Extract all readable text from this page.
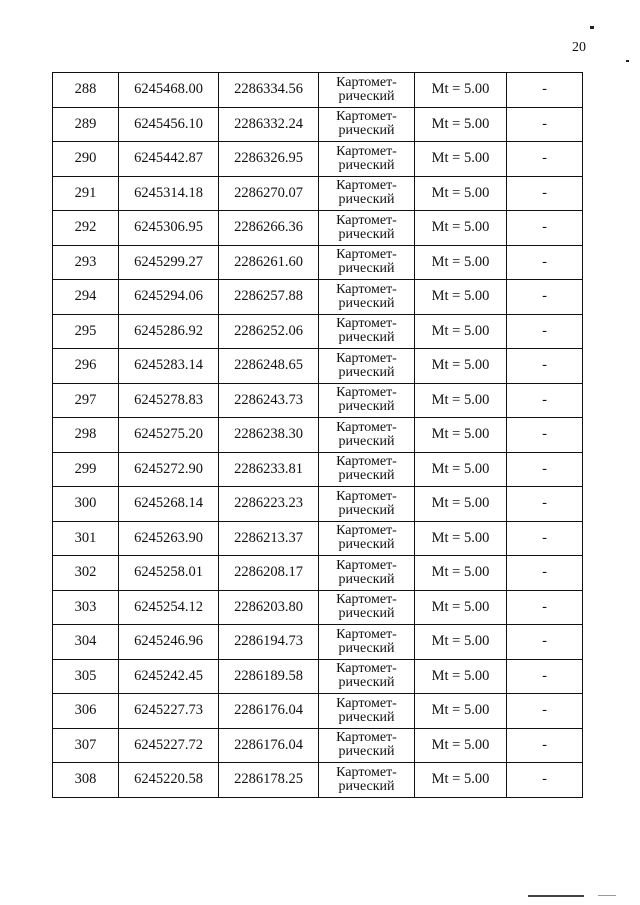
20
288	6245468.00	2286334.56	Картомет-
рический	Mt = 5.00	-
289	6245456.10	2286332.24	Картомет-
рический	Mt = 5.00	-
290	6245442.87	2286326.95	Картомет-
рический	Mt = 5.00	-
291	6245314.18	2286270.07	Картомет-
рический	Mt = 5.00	-
292	6245306.95	2286266.36	Картомет-
рический	Mt = 5.00	-
293	6245299.27	2286261.60	Картомет-
рический	Mt = 5.00	-
294	6245294.06	2286257.88	Картомет-
рический	Mt = 5.00	-
295	6245286.92	2286252.06	Картомет-
рический	Mt = 5.00	-
296	6245283.14	2286248.65	Картомет-
рический	Mt = 5.00	-
297	6245278.83	2286243.73	Картомет-
рический	Mt = 5.00	-
298	6245275.20	2286238.30	Картомет-
рический	Mt = 5.00	-
299	6245272.90	2286233.81	Картомет-
рический	Mt = 5.00	-
300	6245268.14	2286223.23	Картомет-
рический	Mt = 5.00	-
301	6245263.90	2286213.37	Картомет-
рический	Mt = 5.00	-
302	6245258.01	2286208.17	Картомет-
рический	Mt = 5.00	-
303	6245254.12	2286203.80	Картомет-
рический	Mt = 5.00	-
304	6245246.96	2286194.73	Картомет-
рический	Mt = 5.00	-
305	6245242.45	2286189.58	Картомет-
рический	Mt = 5.00	-
306	6245227.73	2286176.04	Картомет-
рический	Mt = 5.00	-
307	6245227.72	2286176.04	Картомет-
рический	Mt = 5.00	-
308	6245220.58	2286178.25	Картомет-
рический	Mt = 5.00	-
